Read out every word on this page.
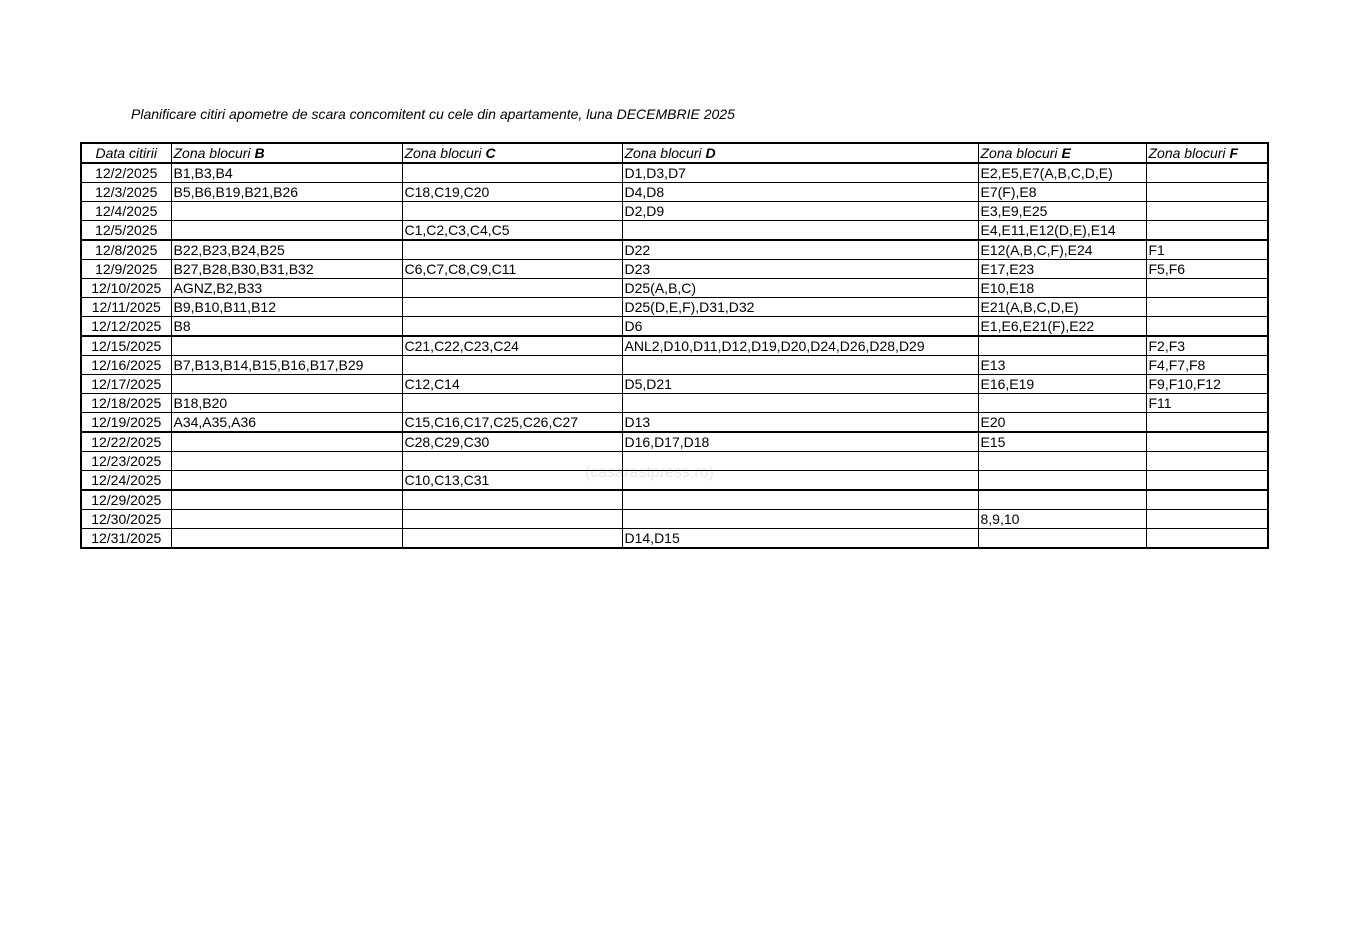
Planificare citiri apometre de scara concomitent cu cele din apartamente, luna DECEMBRIE 2025
(casarastpress.ro)
Data citirii	Zona blocuri B	Zona blocuri C	Zona blocuri D	Zona blocuri E	Zona blocuri F
12/2/2025	B1,B3,B4		D1,D3,D7	E2,E5,E7(A,B,C,D,E)	
12/3/2025	B5,B6,B19,B21,B26	C18,C19,C20	D4,D8	E7(F),E8	
12/4/2025			D2,D9	E3,E9,E25	
12/5/2025		C1,C2,C3,C4,C5		E4,E11,E12(D,E),E14	
12/8/2025	B22,B23,B24,B25		D22	E12(A,B,C,F),E24	F1
12/9/2025	B27,B28,B30,B31,B32	C6,C7,C8,C9,C11	D23	E17,E23	F5,F6
12/10/2025	AGNZ,B2,B33		D25(A,B,C)	E10,E18	
12/11/2025	B9,B10,B11,B12		D25(D,E,F),D31,D32	E21(A,B,C,D,E)	
12/12/2025	B8		D6	E1,E6,E21(F),E22	
12/15/2025		C21,C22,C23,C24	ANL2,D10,D11,D12,D19,D20,D24,D26,D28,D29		F2,F3
12/16/2025	B7,B13,B14,B15,B16,B17,B29			E13	F4,F7,F8
12/17/2025		C12,C14	D5,D21	E16,E19	F9,F10,F12
12/18/2025	B18,B20				F11
12/19/2025	A34,A35,A36	C15,C16,C17,C25,C26,C27	D13	E20	
12/22/2025		C28,C29,C30	D16,D17,D18	E15	
12/23/2025					
12/24/2025		C10,C13,C31			
12/29/2025					
12/30/2025				8,9,10	
12/31/2025			D14,D15		
